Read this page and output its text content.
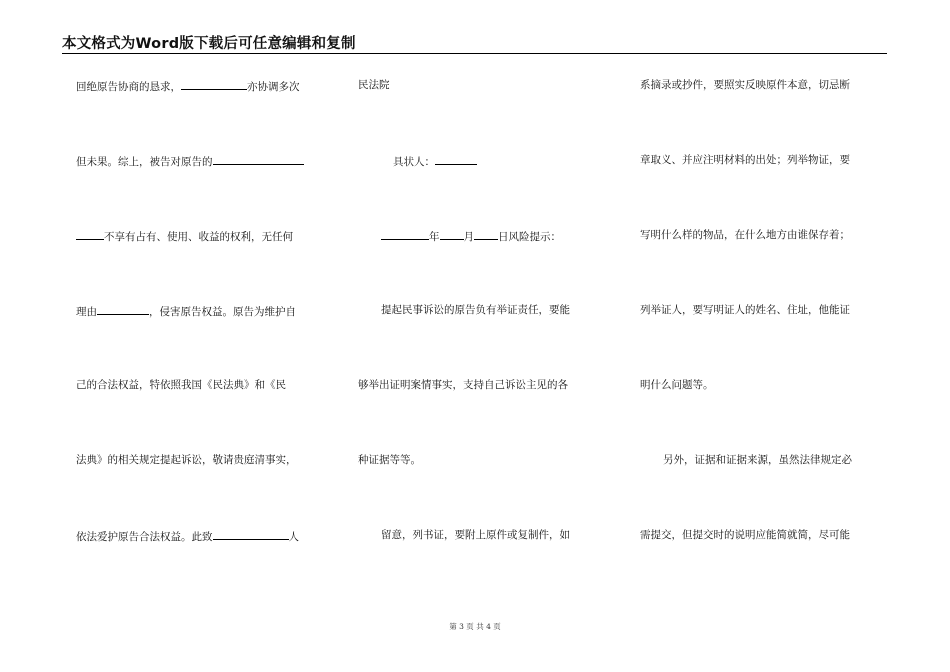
本文格式为Word版下载后可任意编辑和复制
回绝原告协商的恳求，	亦协调多次
但未果。综上，被告对原告的
不享有占有、使用、收益的权利，无任何
理由	，侵害原告权益。原告为维护自
己的合法权益，特依照我国《民法典》和《民
法典》的相关规定提起诉讼，敬请贵庭清事实，
依法爱护原告合法权益。此致	人
民法院
具状人：
年 月 日风险提示：
提起民事诉讼的原告负有举证责任，要能
够举出证明案情事实，支持自己诉讼主见的各
种证据等等。
留意，列书证，要附上原件或复制件，如
系摘录或抄件，要照实反映原件本意，切忌断
章取义、并应注明材料的出处；列举物证，要
写明什么样的物品，在什么地方由谁保存着；
列举证人，要写明证人的姓名、住址，他能证
明什么问题等。
另外，证据和证据来源，虽然法律规定必
需提交，但提交时的说明应能简就简，尽可能
第 3 页 共 4 页
